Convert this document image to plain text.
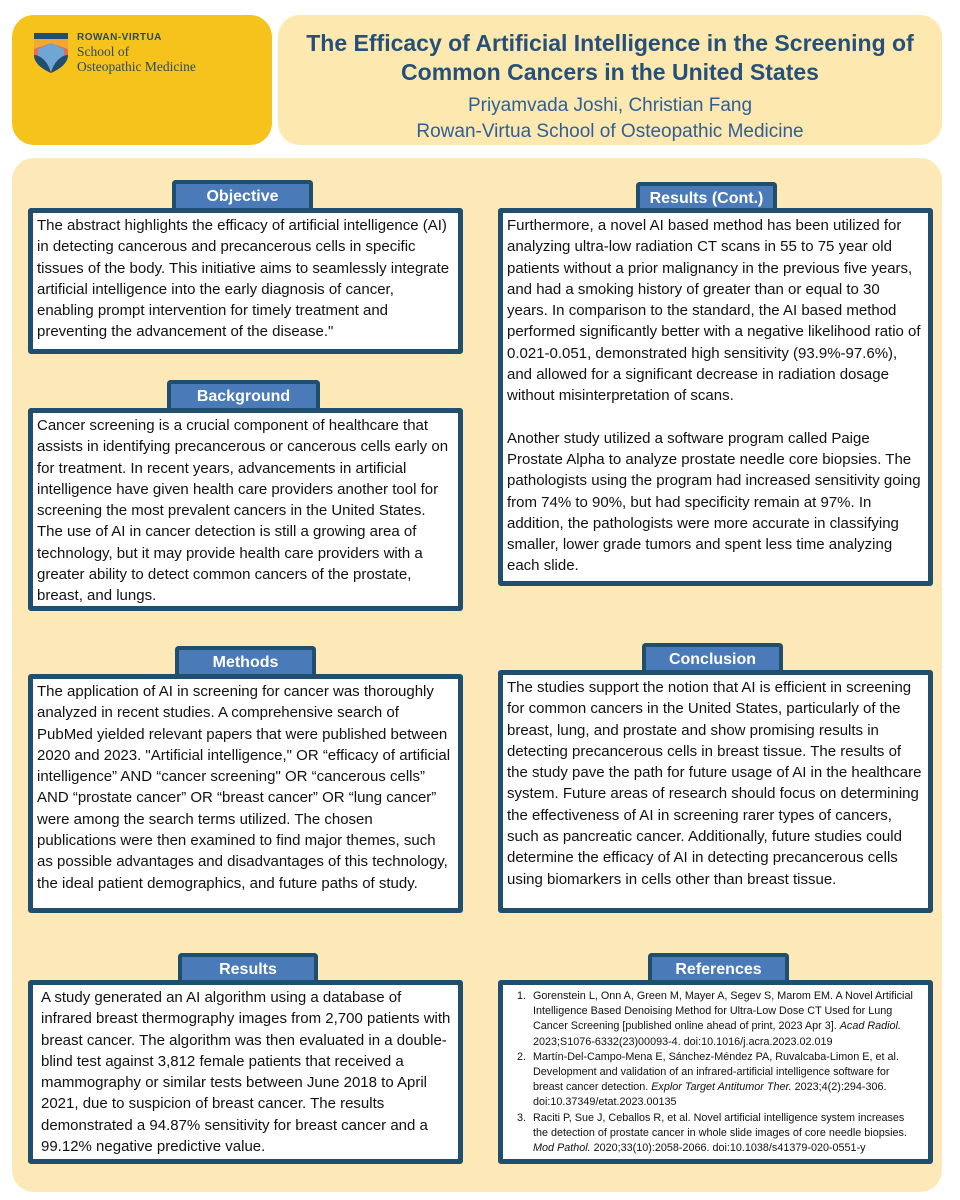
ROWAN-VIRTUA
School of
Osteopathic Medicine
The Efficacy of Artificial Intelligence in the Screening of Common Cancers in the United States
Priyamvada Joshi, Christian Fang
Rowan-Virtua School of Osteopathic Medicine
Objective
The abstract highlights the efficacy of artificial intelligence (AI) in detecting cancerous and precancerous cells in specific tissues of the body. This initiative aims to seamlessly integrate artificial intelligence into the early diagnosis of cancer, enabling prompt intervention for timely treatment and preventing the advancement of the disease."
Background
Cancer screening is a crucial component of healthcare that assists in identifying precancerous or cancerous cells early on for treatment. In recent years, advancements in artificial intelligence have given health care providers another tool for screening the most prevalent cancers in the United States. The use of AI in cancer detection is still a growing area of technology, but it may provide health care providers with a greater ability to detect common cancers of the prostate, breast, and lungs.
Methods
The application of AI in screening for cancer was thoroughly analyzed in recent studies. A comprehensive search of PubMed yielded relevant papers that were published between 2020 and 2023. "Artificial intelligence," OR “efficacy of artificial intelligence” AND “cancer screening" OR “cancerous cells” AND “prostate cancer” OR “breast cancer” OR “lung cancer” were among the search terms utilized. The chosen publications were then examined to find major themes, such as possible advantages and disadvantages of this technology, the ideal patient demographics, and future paths of study.
Results
A study generated an AI algorithm using a database of infrared breast thermography images from 2,700 patients with breast cancer. The algorithm was then evaluated in a double-blind test against 3,812 female patients that received a mammography or similar tests between June 2018 to April 2021, due to suspicion of breast cancer. The results demonstrated a 94.87% sensitivity for breast cancer and a 99.12% negative predictive value.
Results (Cont.)

Furthermore, a novel AI based method has been utilized for analyzing ultra-low radiation CT scans in 55 to 75 year old patients without a prior malignancy in the previous five years, and had a smoking history of greater than or equal to 30 years. In comparison to the standard, the AI based method performed significantly better with a negative likelihood ratio of 0.021-0.051, demonstrated high sensitivity (93.9%-97.6%), and allowed for a significant decrease in radiation dosage without misinterpretation of scans.

Another study utilized a software program called Paige Prostate Alpha to analyze prostate needle core biopsies. The pathologists using the program had increased sensitivity going from 74% to 90%, but had specificity remain at 97%. In addition, the pathologists were more accurate in classifying smaller, lower grade tumors and spent less time analyzing each slide.

Conclusion
The studies support the notion that AI is efficient in screening for common cancers in the United States, particularly of the breast, lung, and prostate and show promising results in detecting precancerous cells in breast tissue. The results of the study pave the path for future usage of AI in the healthcare system. Future areas of research should focus on determining the effectiveness of AI in screening rarer types of cancers, such as pancreatic cancer. Additionally, future studies could determine the efficacy of AI in detecting precancerous cells using biomarkers in cells other than breast tissue.
References
1. Gorenstein L, Onn A, Green M, Mayer A, Segev S, Marom EM. A Novel Artificial Intelligence Based Denoising Method for Ultra-Low Dose CT Used for Lung Cancer Screening [published online ahead of print, 2023 Apr 3]. Acad Radiol. 2023;S1076-6332(23)00093-4. doi:10.1016/j.acra.2023.02.019
2. Martín-Del-Campo-Mena E, Sánchez-Méndez PA, Ruvalcaba-Limon E, et al. Development and validation of an infrared-artificial intelligence software for breast cancer detection. Explor Target Antitumor Ther. 2023;4(2):294-306. doi:10.37349/etat.2023.00135
3. Raciti P, Sue J, Ceballos R, et al. Novel artificial intelligence system increases the detection of prostate cancer in whole slide images of core needle biopsies. Mod Pathol. 2020;33(10):2058-2066. doi:10.1038/s41379-020-0551-y
